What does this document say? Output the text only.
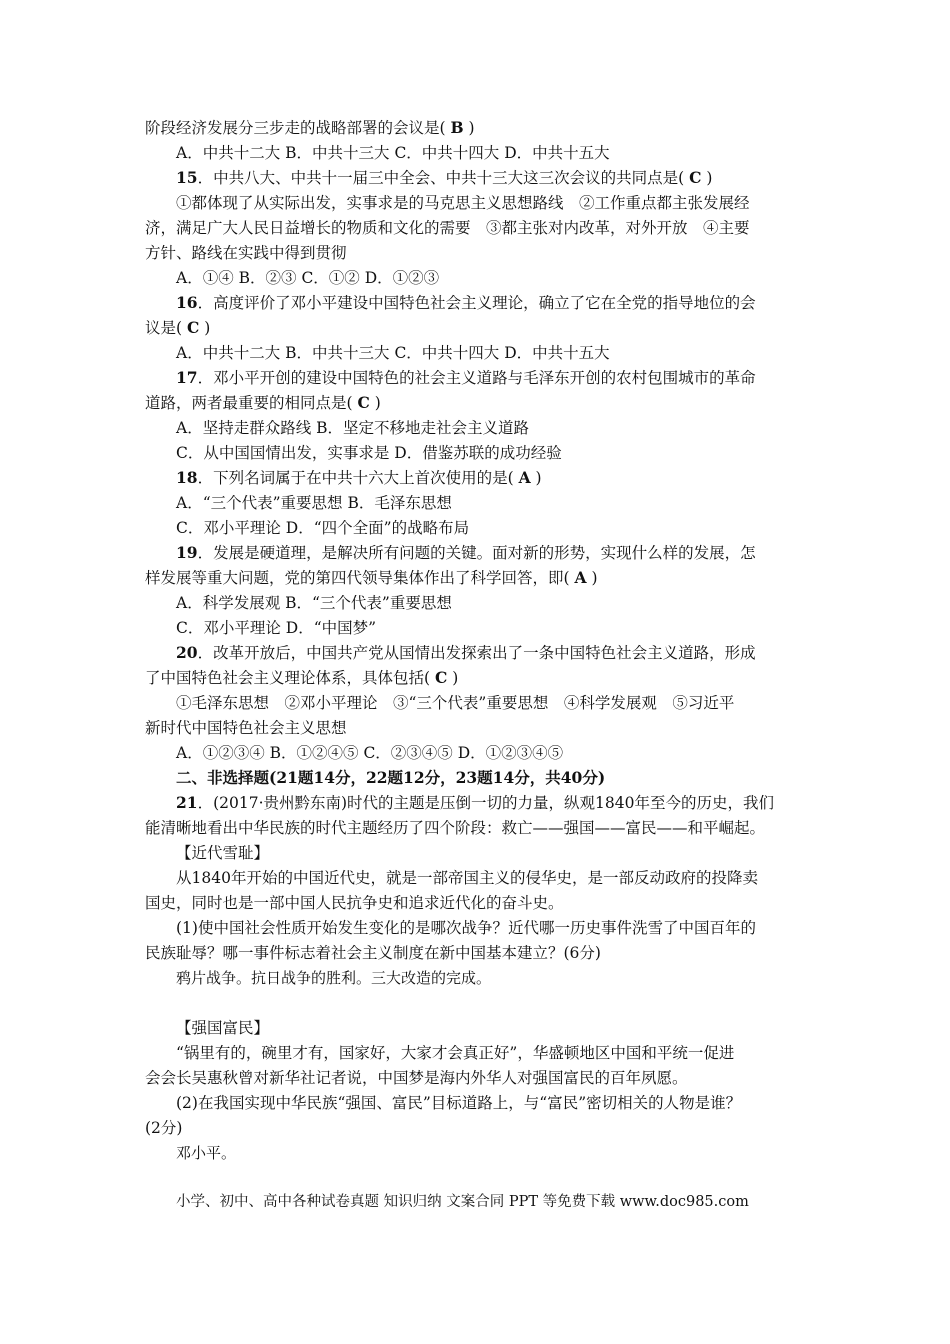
阶段经济发展分三步走的战略部署的会议是( B )
A．中共十二大 B．中共十三大 C．中共十四大 D．中共十五大
15．中共八大、中共十一届三中全会、中共十三大这三次会议的共同点是( C )
①都体现了从实际出发，实事求是的马克思主义思想路线　②工作重点都主张发展经
济，满足广大人民日益增长的物质和文化的需要　③都主张对内改革，对外开放　④主要
方针、路线在实践中得到贯彻
A．①④ B．②③ C．①② D．①②③
16．高度评价了邓小平建设中国特色社会主义理论，确立了它在全党的指导地位的会
议是( C )
A．中共十二大 B．中共十三大 C．中共十四大 D．中共十五大
17．邓小平开创的建设中国特色的社会主义道路与毛泽东开创的农村包围城市的革命
道路，两者最重要的相同点是( C )
A．坚持走群众路线 B．坚定不移地走社会主义道路
C．从中国国情出发，实事求是 D．借鉴苏联的成功经验
18．下列名词属于在中共十六大上首次使用的是( A )
A．“三个代表”重要思想 B．毛泽东思想
C．邓小平理论 D．“四个全面”的战略布局
19．发展是硬道理，是解决所有问题的关键。面对新的形势，实现什么样的发展，怎
样发展等重大问题，党的第四代领导集体作出了科学回答，即( A )
A．科学发展观 B．“三个代表”重要思想
C．邓小平理论 D．“中国梦”
20．改革开放后，中国共产党从国情出发探索出了一条中国特色社会主义道路，形成
了中国特色社会主义理论体系，具体包括( C )
①毛泽东思想　②邓小平理论　③“三个代表”重要思想　④科学发展观　⑤习近平
新时代中国特色社会主义思想
A．①②③④ B．①②④⑤ C．②③④⑤ D．①②③④⑤
二、非选择题(21题14分，22题12分，23题14分，共40分)
21．(2017·贵州黔东南)时代的主题是压倒一切的力量，纵观1840年至今的历史，我们
能清晰地看出中华民族的时代主题经历了四个阶段：救亡——强国——富民——和平崛起。
【近代雪耻】
从1840年开始的中国近代史，就是一部帝国主义的侵华史，是一部反动政府的投降卖
国史，同时也是一部中国人民抗争史和追求近代化的奋斗史。
(1)使中国社会性质开始发生变化的是哪次战争？近代哪一历史事件洗雪了中国百年的
民族耻辱？哪一事件标志着社会主义制度在新中国基本建立？(6分)
鸦片战争。抗日战争的胜利。三大改造的完成。
【强国富民】
“锅里有的，碗里才有，国家好，大家才会真正好”，华盛顿地区中国和平统一促进
会会长吴惠秋曾对新华社记者说，中国梦是海内外华人对强国富民的百年夙愿。
(2)在我国实现中华民族“强国、富民”目标道路上，与“富民”密切相关的人物是谁？
(2分)
邓小平。
小学、初中、高中各种试卷真题 知识归纳 文案合同 PPT 等免费下载 www.doc985.com
